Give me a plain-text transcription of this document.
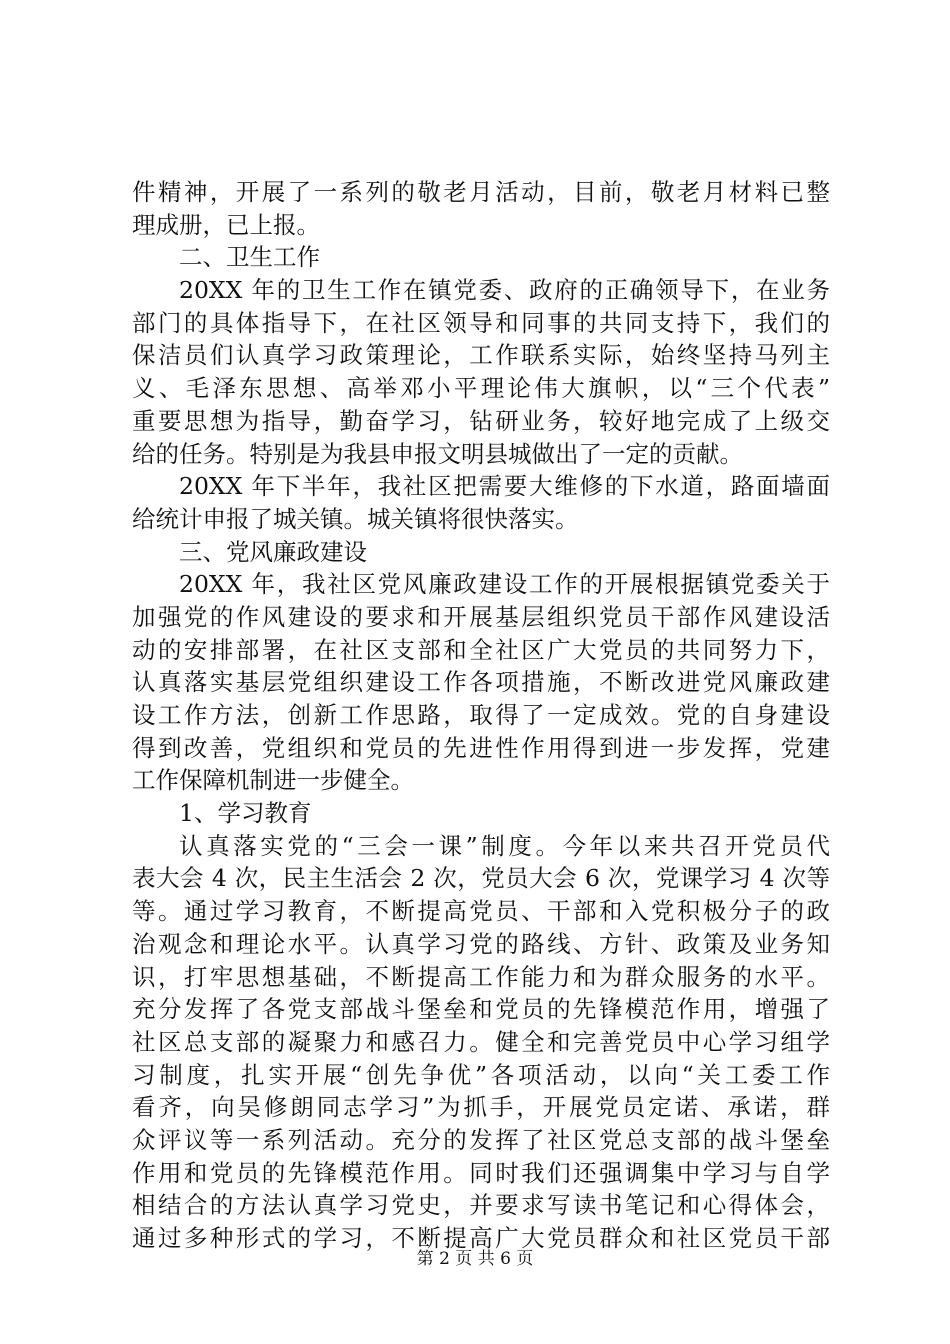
件精神，开展了一系列的敬老月活动，目前，敬老月材料已整
理成册，已上报。
二、卫生工作
20XX 年的卫生工作在镇党委、政府的正确领导下，在业务
部门的具体指导下，在社区领导和同事的共同支持下，我们的
保洁员们认真学习政策理论，工作联系实际，始终坚持马列主
义、毛泽东思想、高举邓小平理论伟大旗帜，以“三个代表”
重要思想为指导，勤奋学习，钻研业务，较好地完成了上级交
给的任务。特别是为我县申报文明县城做出了一定的贡献。
20XX 年下半年，我社区把需要大维修的下水道，路面墙面
给统计申报了城关镇。城关镇将很快落实。
三、党风廉政建设
20XX 年，我社区党风廉政建设工作的开展根据镇党委关于
加强党的作风建设的要求和开展基层组织党员干部作风建设活
动的安排部署，在社区支部和全社区广大党员的共同努力下，
认真落实基层党组织建设工作各项措施，不断改进党风廉政建
设工作方法，创新工作思路，取得了一定成效。党的自身建设
得到改善，党组织和党员的先进性作用得到进一步发挥，党建
工作保障机制进一步健全。
1、学习教育
认真落实党的“三会一课”制度。今年以来共召开党员代
表大会 4 次，民主生活会 2 次，党员大会 6 次，党课学习 4 次等
等。通过学习教育，不断提高党员、干部和入党积极分子的政
治观念和理论水平。认真学习党的路线、方针、政策及业务知
识，打牢思想基础，不断提高工作能力和为群众服务的水平。
充分发挥了各党支部战斗堡垒和党员的先锋模范作用，增强了
社区总支部的凝聚力和感召力。健全和完善党员中心学习组学
习制度，扎实开展“创先争优”各项活动，以向“关工委工作
看齐，向吴修朗同志学习”为抓手，开展党员定诺、承诺，群
众评议等一系列活动。充分的发挥了社区党总支部的战斗堡垒
作用和党员的先锋模范作用。同时我们还强调集中学习与自学
相结合的方法认真学习党史，并要求写读书笔记和心得体会，
通过多种形式的学习，不断提高广大党员群众和社区党员干部
第 2 页 共 6 页
